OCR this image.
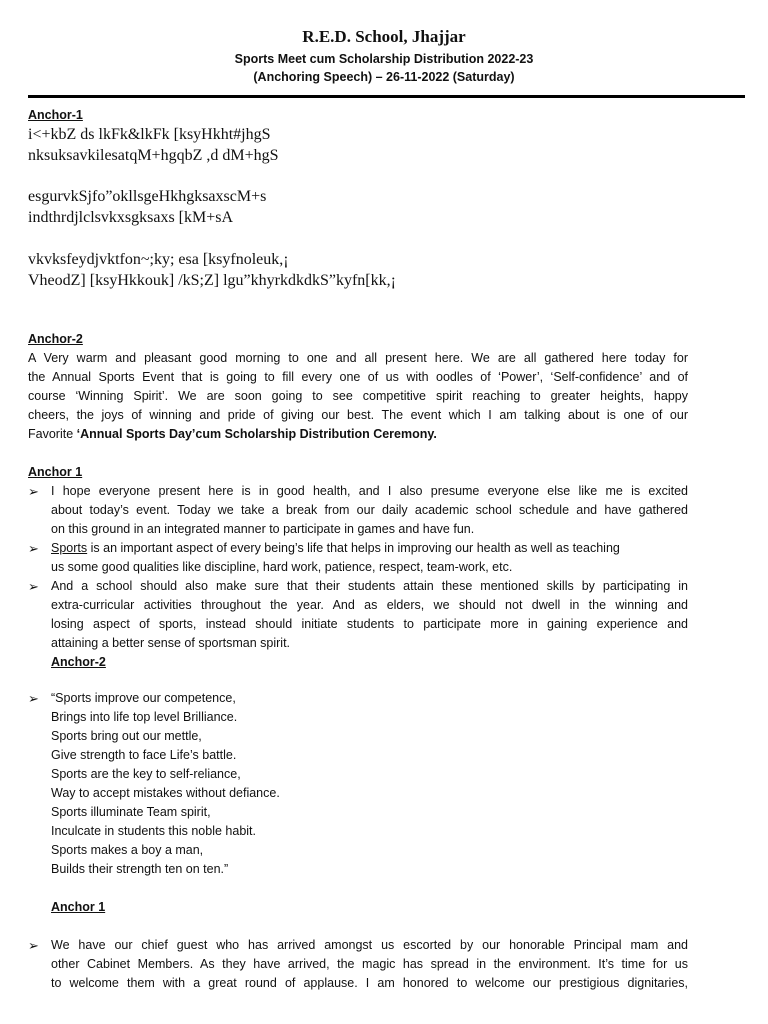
R.E.D. School, Jhajjar
Sports Meet cum Scholarship Distribution 2022-23
(Anchoring Speech) – 26-11-2022 (Saturday)
Anchor-1
i<+kbZ ds lkFk&lkFk [ksyHkht#jhgS
nksuksavkilesatqM+hgqbZ ,d dM+hgS
esgurvkSjfo”okllsgeHkhgksaxscM+s
indthrdjlclsvkxsgksaxs [kM+sA
vkvksfeydjvktfon~;ky; esa [ksyfnoleuk,¡
VheodZ] [ksyHkkouk] /kS;Z] lgu”khyrkdkdkS”kyfn[kk,¡
Anchor-2
A Very warm and pleasant good morning to one and all present here. We are all gathered here today for
the Annual Sports Event that is going to fill every one of us with oodles of ‘Power’, ‘Self-confidence’ and of
course ‘Winning Spirit’. We are soon going to see competitive spirit reaching to greater heights, happy
cheers, the joys of winning and pride of giving our best. The event which I am talking about is one of our
Favorite ‘Annual Sports Day’cum Scholarship Distribution Ceremony.
Anchor 1
➢ I hope everyone present here is in good health, and I also presume everyone else like me is excited
about today’s event. Today we take a break from our daily academic school schedule and have gathered
on this ground in an integrated manner to participate in games and have fun.
➢ Sports is an important aspect of every being’s life that helps in improving our health as well as teaching
us some good qualities like discipline, hard work, patience, respect, team-work, etc.
➢ And a school should also make sure that their students attain these mentioned skills by participating in
extra-curricular activities throughout the year. And as elders, we should not dwell in the winning and
losing aspect of sports, instead should initiate students to participate more in gaining experience and
attaining a better sense of sportsman spirit.
Anchor-2
➢ “Sports improve our competence,
Brings into life top level Brilliance.
Sports bring out our mettle,
Give strength to face Life’s battle.
Sports are the key to self-reliance,
Way to accept mistakes without defiance.
Sports illuminate Team spirit,
Inculcate in students this noble habit.
Sports makes a boy a man,
Builds their strength ten on ten.”
Anchor 1
➢ We have our chief guest who has arrived amongst us escorted by our honorable Principal mam and
other Cabinet Members. As they have arrived, the magic has spread in the environment. It’s time for us
to welcome them with a great round of applause. I am honored to welcome our prestigious dignitaries,
